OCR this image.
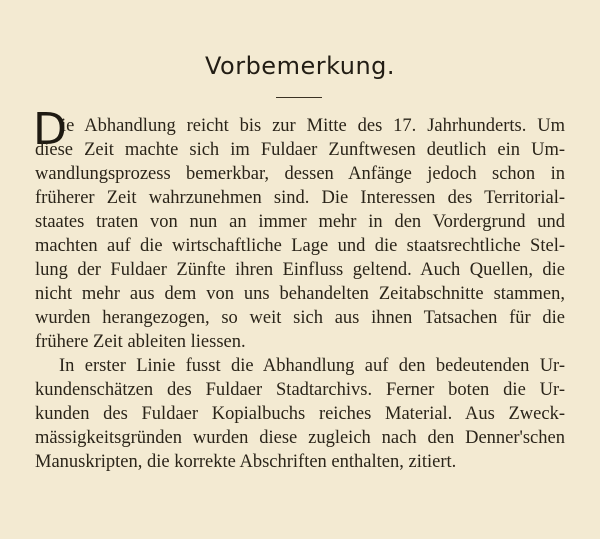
Vorbemerkung.
D
ie Abhandlung reicht bis zur Mitte des 17. Jahrhunderts. Um
diese Zeit machte sich im Fuldaer Zunftwesen deutlich ein Um-
wandlungsprozess bemerkbar, dessen Anfänge jedoch schon in
früherer Zeit wahrzunehmen sind. Die Interessen des Territorial-
staates traten von nun an immer mehr in den Vordergrund und
machten auf die wirtschaftliche Lage und die staatsrechtliche Stel-
lung der Fuldaer Zünfte ihren Einfluss geltend. Auch Quellen, die
nicht mehr aus dem von uns behandelten Zeitabschnitte stammen,
wurden herangezogen, so weit sich aus ihnen Tatsachen für die
frühere Zeit ableiten liessen.
In erster Linie fusst die Abhandlung auf den bedeutenden Ur-
kundenschätzen des Fuldaer Stadtarchivs. Ferner boten die Ur-
kunden des Fuldaer Kopialbuchs reiches Material. Aus Zweck-
mässigkeitsgründen wurden diese zugleich nach den Denner'schen
Manuskripten, die korrekte Abschriften enthalten, zitiert.
